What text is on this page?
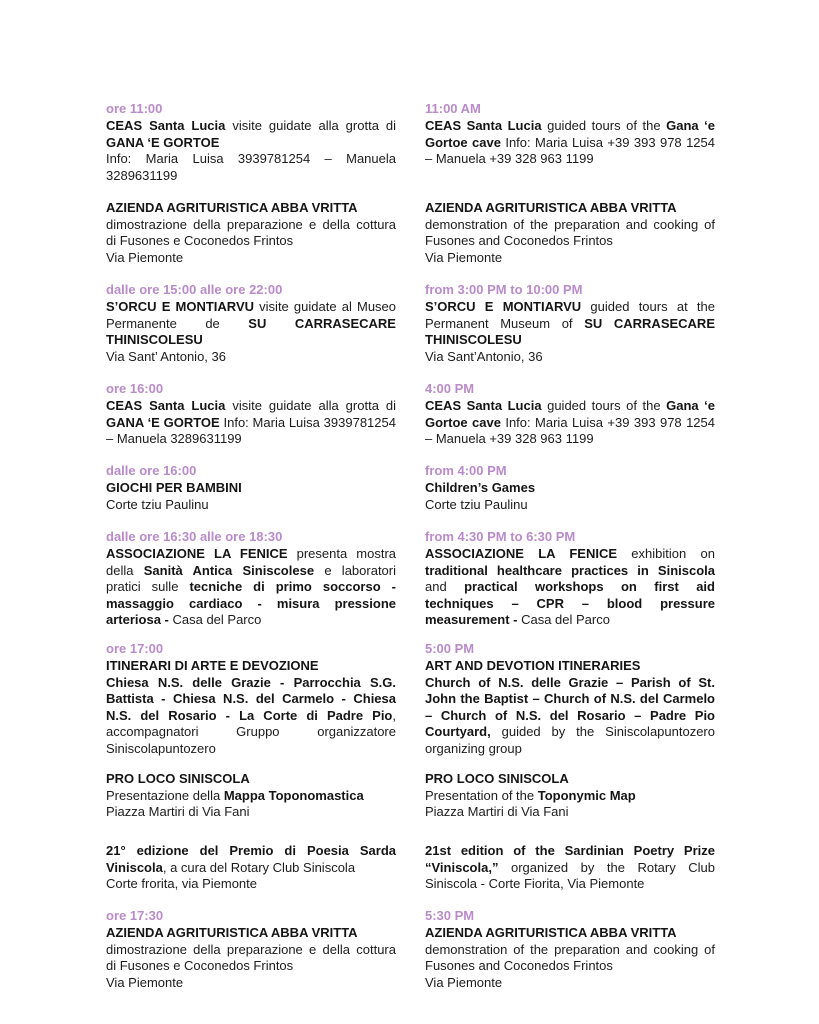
ore 11:00

CEAS Santa Lucia visite guidate alla grotta di GANA ‘E GORTOE

Info: Maria Luisa 3939781254 – Manuela 3289631199

AZIENDA AGRITURISTICA ABBA VRITTA

dimostrazione della preparazione e della cottura di Fusones e Coconedos Frintos

Via Piemonte

dalle ore 15:00 alle ore 22:00

S’ORCU E MONTIARVU visite guidate al Museo Permanente de SU CARRASECARE THINISCOLESU

Via Sant’ Antonio, 36

ore 16:00

CEAS Santa Lucia visite guidate alla grotta di GANA ‘E GORTOE Info: Maria Luisa 3939781254 – Manuela 3289631199

dalle ore 16:00

GIOCHI PER BAMBINI

Corte tziu Paulinu

dalle ore 16:30 alle ore 18:30

ASSOCIAZIONE LA FENICE presenta mostra della Sanità Antica Siniscolese e laboratori pratici sulle tecniche di primo soccorso - massaggio cardiaco - misura pressione arteriosa - Casa del Parco

ore 17:00

ITINERARI DI ARTE E DEVOZIONE

Chiesa N.S. delle Grazie - Parrocchia S.G. Battista - Chiesa N.S. del Carmelo - Chiesa N.S. del Rosario - La Corte di Padre Pio, accompagnatori Gruppo organizzatore Siniscolapuntozero

PRO LOCO SINISCOLA

Presentazione della Mappa Toponomastica

Piazza Martiri di Via Fani

21° edizione del Premio di Poesia Sarda Viniscola, a cura del Rotary Club Siniscola

Corte frorita, via Piemonte

ore 17:30

AZIENDA AGRITURISTICA ABBA VRITTA

dimostrazione della preparazione e della cottura di Fusones e Coconedos Frintos

Via Piemonte

11:00 AM

CEAS Santa Lucia guided tours of the Gana ‘e Gortoe cave Info: Maria Luisa +39 393 978 1254 – Manuela +39 328 963 1199

AZIENDA AGRITURISTICA ABBA VRITTA

demonstration of the preparation and cooking of Fusones and Coconedos Frintos

Via Piemonte

from 3:00 PM to 10:00 PM

S’ORCU E MONTIARVU guided tours at the Permanent Museum of SU CARRASECARE THINISCOLESU

Via Sant’Antonio, 36

4:00 PM

CEAS Santa Lucia guided tours of the Gana ‘e Gortoe cave Info: Maria Luisa +39 393 978 1254 – Manuela +39 328 963 1199

from 4:00 PM

Children’s Games

Corte tziu Paulinu

from 4:30 PM to 6:30 PM

ASSOCIAZIONE LA FENICE exhibition on traditional healthcare practices in Siniscola and practical workshops on first aid techniques – CPR – blood pressure measurement - Casa del Parco

5:00 PM

ART AND DEVOTION ITINERARIES

Church of N.S. delle Grazie – Parish of St. John the Baptist – Church of N.S. del Carmelo – Church of N.S. del Rosario – Padre Pio Courtyard, guided by the Siniscolapuntozero organizing group

PRO LOCO SINISCOLA

Presentation of the Toponymic Map

Piazza Martiri di Via Fani

21st edition of the Sardinian Poetry Prize “Viniscola,” organized by the Rotary Club Siniscola - Corte Fiorita, Via Piemonte

5:30 PM

AZIENDA AGRITURISTICA ABBA VRITTA

demonstration of the preparation and cooking of Fusones and Coconedos Frintos

Via Piemonte
